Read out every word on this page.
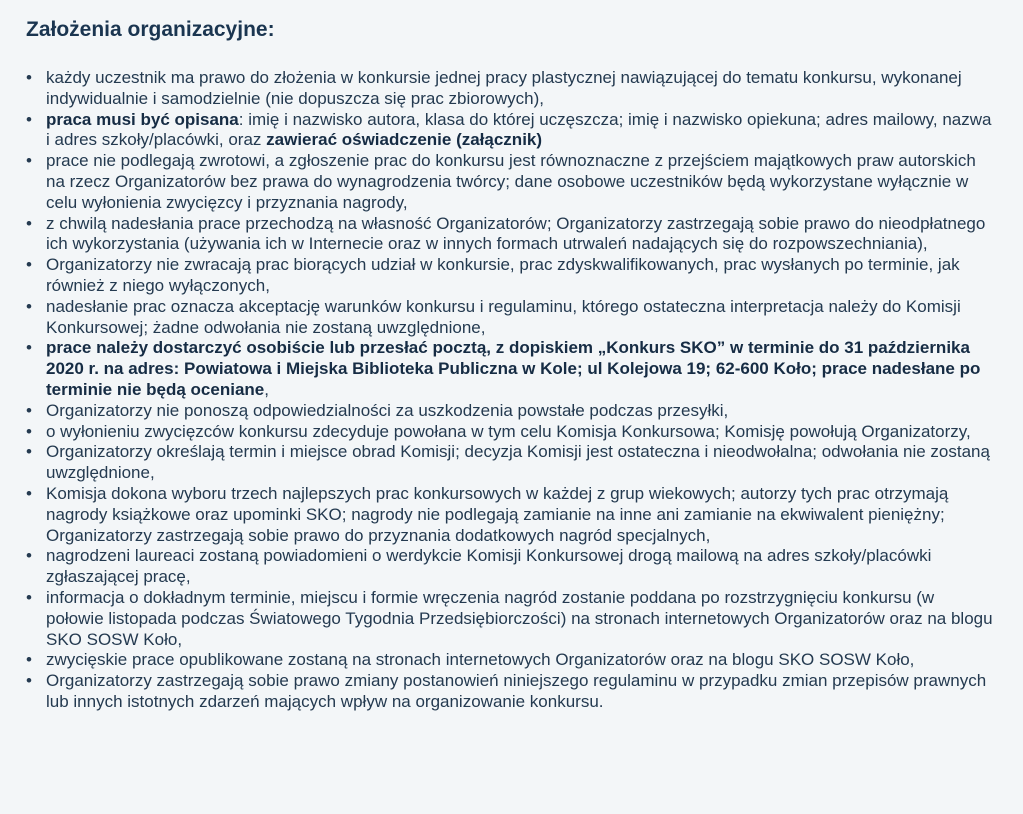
Założenia organizacyjne:
• każdy uczestnik ma prawo do złożenia w konkursie jednej pracy plastycznej nawiązującej do tematu konkursu, wykonanej indywidualnie i samodzielnie (nie dopuszcza się prac zbiorowych),
• praca musi być opisana: imię i nazwisko autora, klasa do której uczęszcza; imię i nazwisko opiekuna; adres mailowy, nazwa i adres szkoły/placówki, oraz zawierać oświadczenie (załącznik)
• prace nie podlegają zwrotowi, a zgłoszenie prac do konkursu jest równoznaczne z przejściem majątkowych praw autorskich na rzecz Organizatorów bez prawa do wynagrodzenia twórcy; dane osobowe uczestników będą wykorzystane wyłącznie w celu wyłonienia zwycięzcy i przyznania nagrody,
• z chwilą nadesłania prace przechodzą na własność Organizatorów; Organizatorzy zastrzegają sobie prawo do nieodpłatnego ich wykorzystania (używania ich w Internecie oraz w innych formach utrwaleń nadających się do rozpowszechniania),
• Organizatorzy nie zwracają prac biorących udział w konkursie, prac zdyskwalifikowanych, prac wysłanych po terminie, jak również z niego wyłączonych,
• nadesłanie prac oznacza akceptację warunków konkursu i regulaminu, którego ostateczna interpretacja należy do Komisji Konkursowej; żadne odwołania nie zostaną uwzględnione,
• prace należy dostarczyć osobiście lub przesłać pocztą, z dopiskiem „Konkurs SKO” w terminie do 31 października 2020 r. na adres: Powiatowa i Miejska Biblioteka Publiczna w Kole; ul Kolejowa 19; 62-600 Koło; prace nadesłane po terminie nie będą oceniane,
• Organizatorzy nie ponoszą odpowiedzialności za uszkodzenia powstałe podczas przesyłki,
• o wyłonieniu zwycięzców konkursu zdecyduje powołana w tym celu Komisja Konkursowa; Komisję powołują Organizatorzy,
• Organizatorzy określają termin i miejsce obrad Komisji; decyzja Komisji jest ostateczna i nieodwołalna; odwołania nie zostaną uwzględnione,
• Komisja dokona wyboru trzech najlepszych prac konkursowych w każdej z grup wiekowych; autorzy tych prac otrzymają nagrody książkowe oraz upominki SKO; nagrody nie podlegają zamianie na inne ani zamianie na ekwiwalent pieniężny; Organizatorzy zastrzegają sobie prawo do przyznania dodatkowych nagród specjalnych,
• nagrodzeni laureaci zostaną powiadomieni o werdykcie Komisji Konkursowej drogą mailową na adres szkoły/placówki zgłaszającej pracę,
• informacja o dokładnym terminie, miejscu i formie wręczenia nagród zostanie poddana po rozstrzygnięciu konkursu (w połowie listopada podczas Światowego Tygodnia Przedsiębiorczości) na stronach internetowych Organizatorów oraz na blogu SKO SOSW Koło,
• zwycięskie prace opublikowane zostaną na stronach internetowych Organizatorów oraz na blogu SKO SOSW Koło,
• Organizatorzy zastrzegają sobie prawo zmiany postanowień niniejszego regulaminu w przypadku zmian przepisów prawnych lub innych istotnych zdarzeń mających wpływ na organizowanie konkursu.
